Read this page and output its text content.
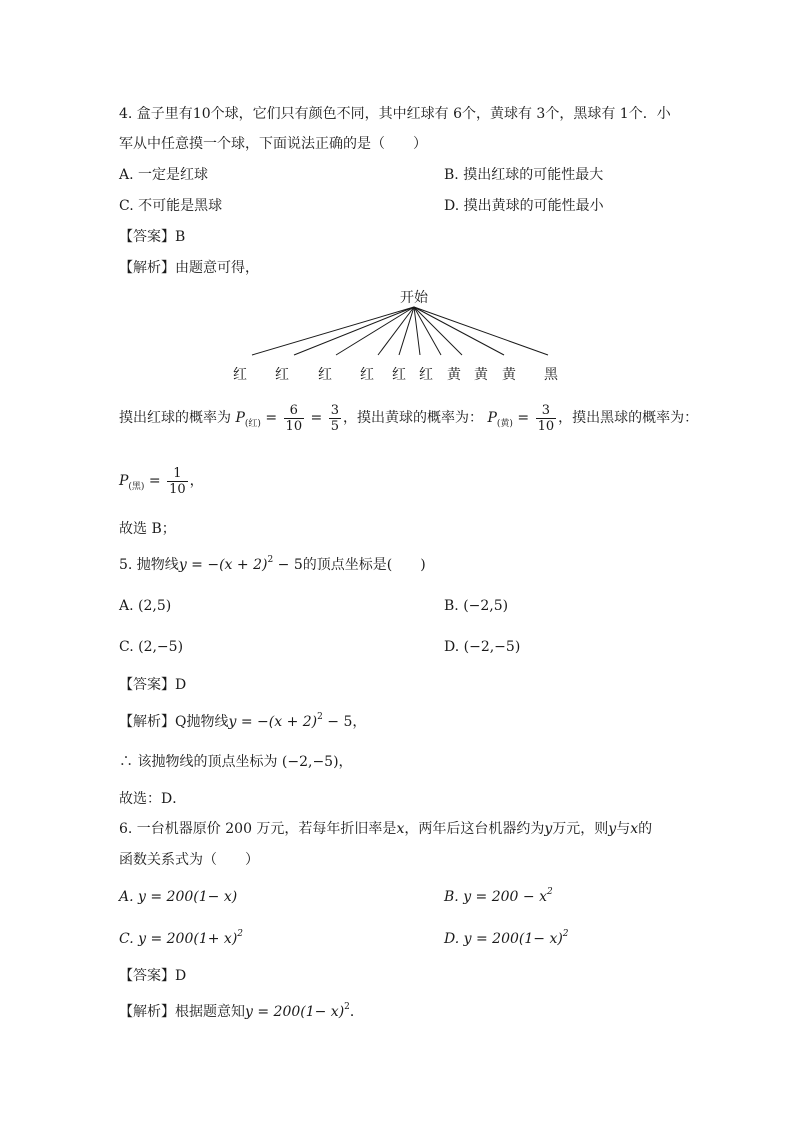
4. 盒子里有10个球，它们只有颜色不同，其中红球有 6个，黄球有 3个，黑球有 1个．小
军从中任意摸一个球，下面说法正确的是（　　）
A. 一定是红球	B. 摸出红球的可能性最大
C. 不可能是黑球	D. 摸出黄球的可能性最小
【答案】B
【解析】由题意可得，
开始
红 红 红 红 红 红 黄 黄 黄 黑
摸出红球的概率为 $P_{(红)} = \frac{6}{10} = \frac{3}{5}$ ，摸出黄球的概率为： $P_{(黄)} = \frac{3}{10}$ ，摸出黑球的概率为：
$P_{(黑)} = \frac{1}{10}$ ，
故选 B；
5. 抛物线$y = -(x + 2)^2 - 5$的顶点坐标是(　　)
A. (2,5)	B. (−2,5)
C. (2,−5)	D. (−2,−5)
【答案】D
【解析】Q抛物线$y = -(x + 2)^2 - 5$，
∴ 该抛物线的顶点坐标为 (−2,−5)，
故选：D．
6. 一台机器原价 200 万元，若每年折旧率是x，两年后这台机器约为y万元，则y与x的
函数关系式为（　　）
A. y = 200(1− x)	B. $y = 200 - x^2$
C. $y = 200(1+ x)^2$	D. $y = 200(1- x)^2$
【答案】D
【解析】根据题意知$y = 200(1- x)^2$．
